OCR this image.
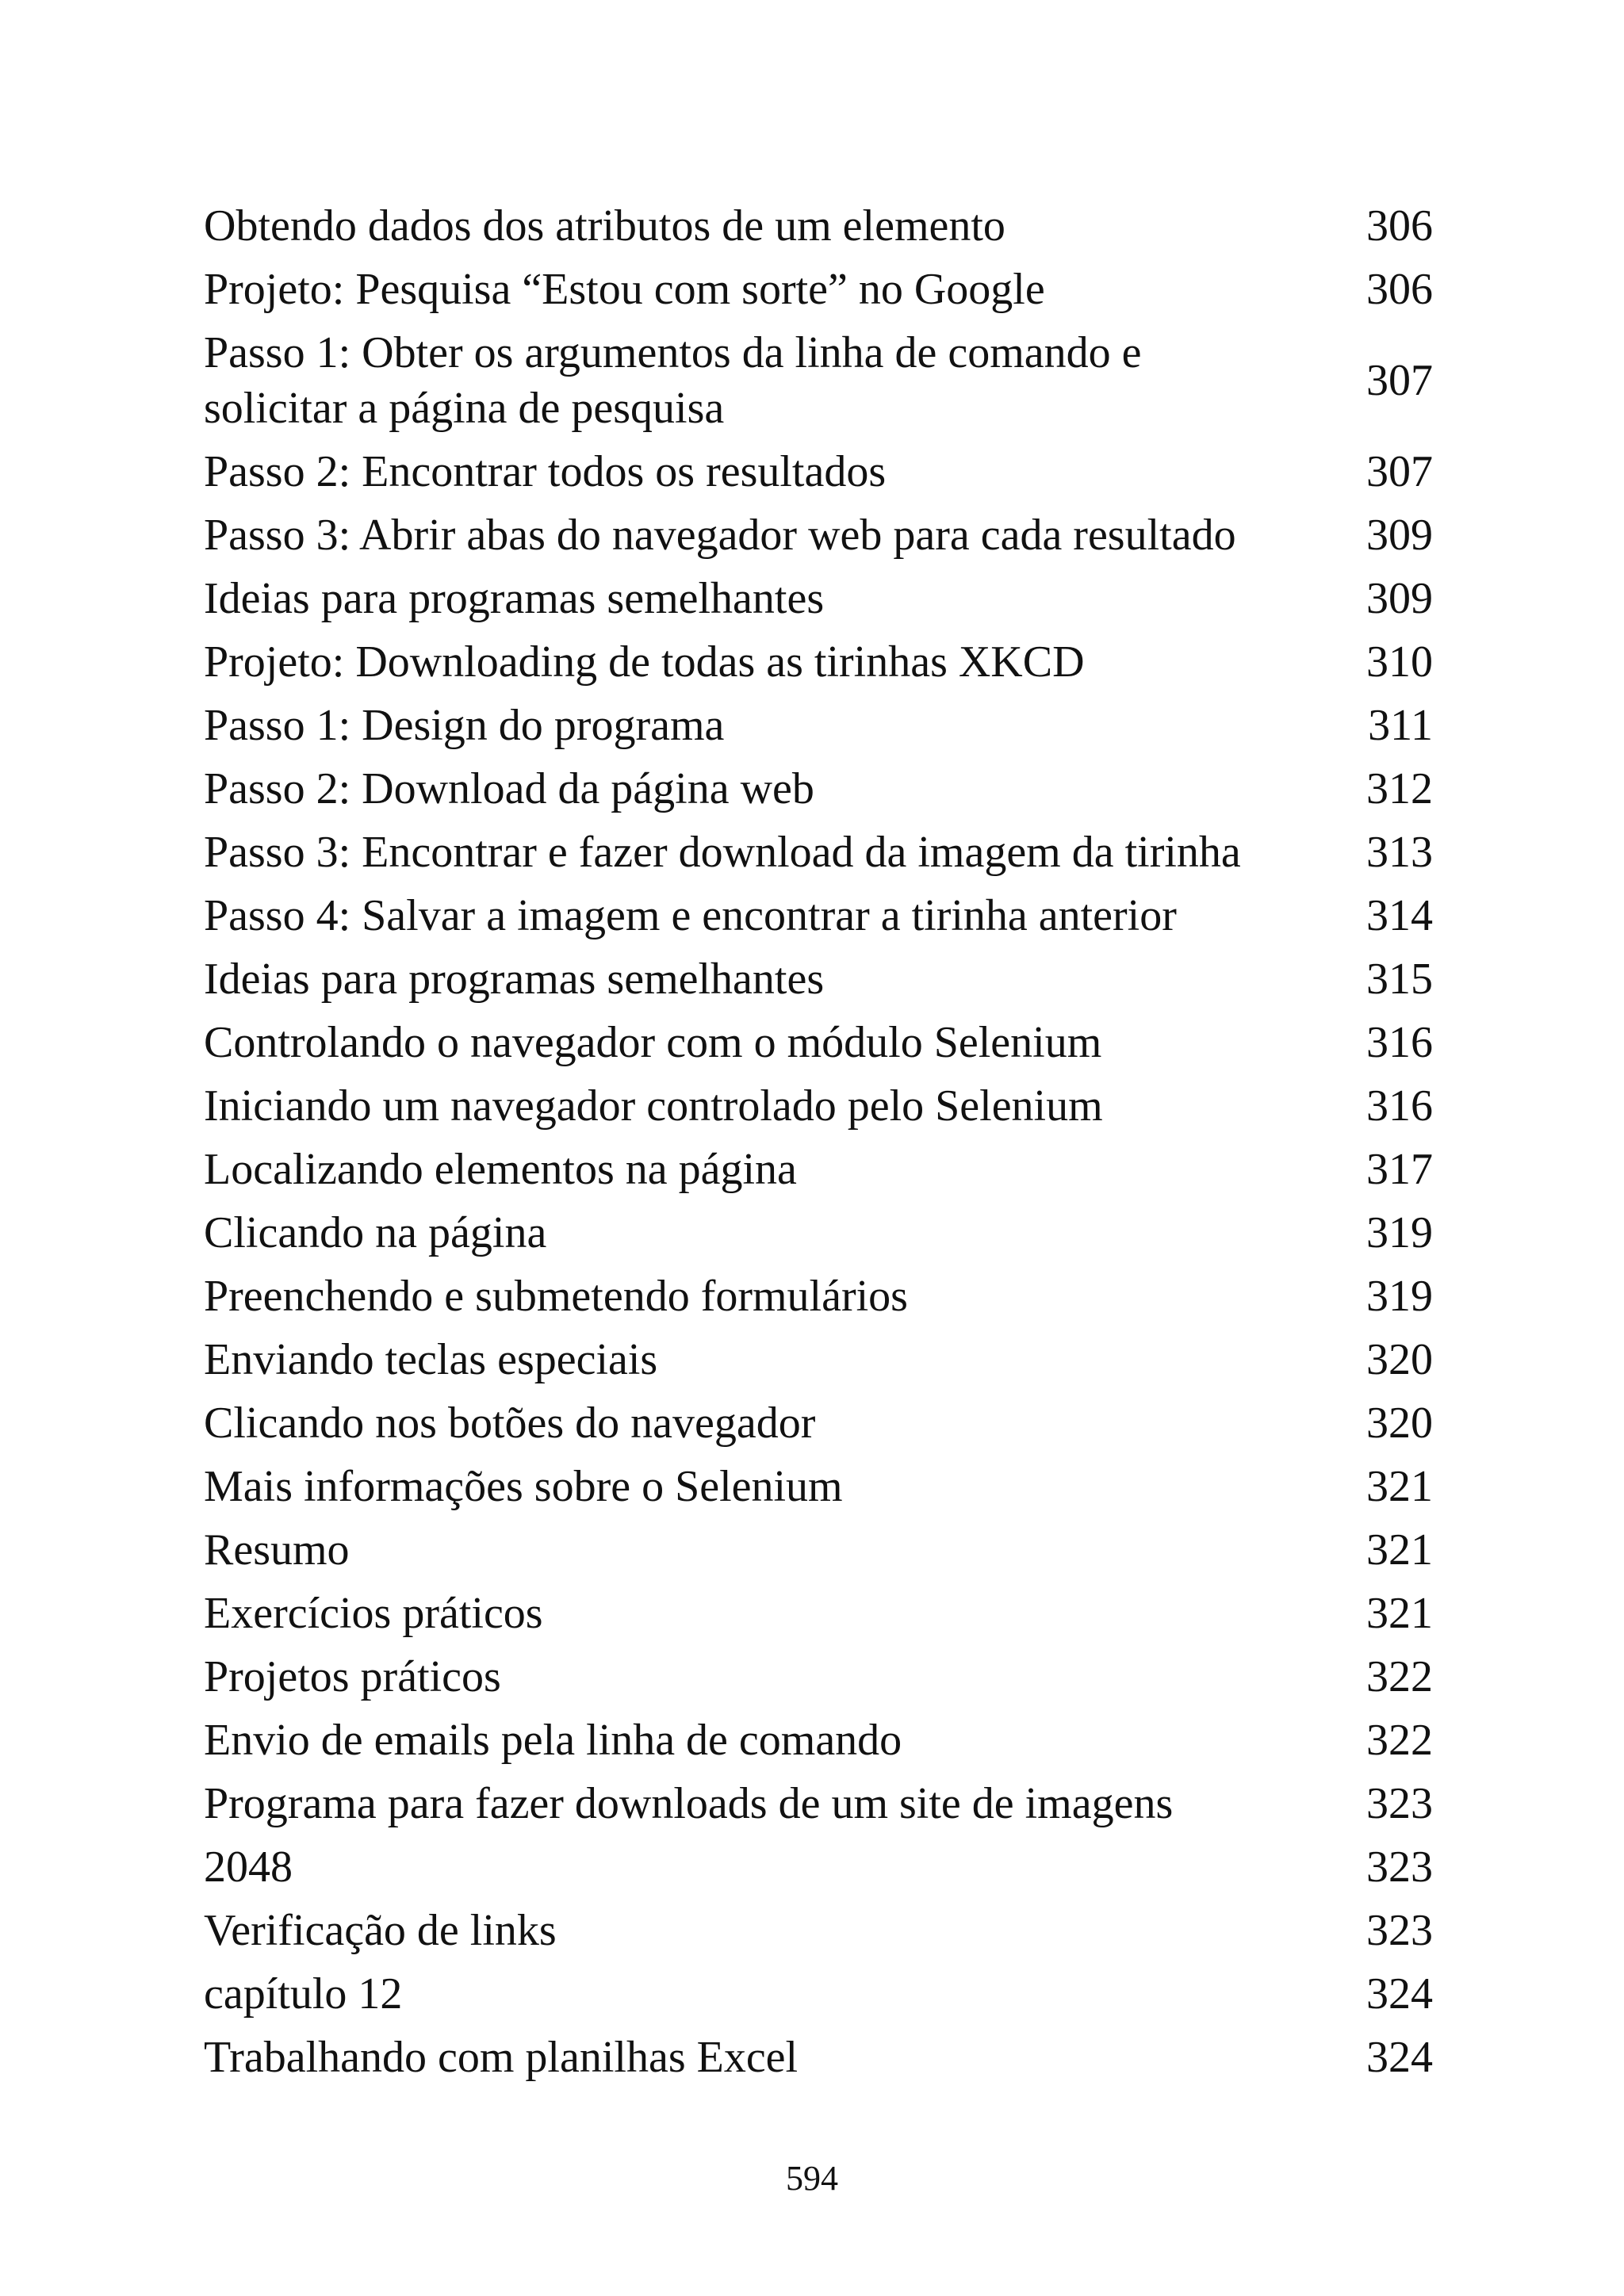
Obtendo dados dos atributos de um elemento	306
Projeto: Pesquisa “Estou com sorte” no Google	306
Passo 1: Obter os argumentos da linha de comando e
solicitar a página de pesquisa
307
Passo 2: Encontrar todos os resultados	307
Passo 3: Abrir abas do navegador web para cada resultado	309
Ideias para programas semelhantes	309
Projeto: Downloading de todas as tirinhas XKCD	310
Passo 1: Design do programa	311
Passo 2: Download da página web	312
Passo 3: Encontrar e fazer download da imagem da tirinha	313
Passo 4: Salvar a imagem e encontrar a tirinha anterior	314
Ideias para programas semelhantes	315
Controlando o navegador com o módulo Selenium	316
Iniciando um navegador controlado pelo Selenium	316
Localizando elementos na página	317
Clicando na página	319
Preenchendo e submetendo formulários	319
Enviando teclas especiais	320
Clicando nos botões do navegador	320
Mais informações sobre o Selenium	321
Resumo	321
Exercícios práticos	321
Projetos práticos	322
Envio de emails pela linha de comando	322
Programa para fazer downloads de um site de imagens	323
2048	323
Verificação de links	323
capítulo 12	324
Trabalhando com planilhas Excel	324
594
